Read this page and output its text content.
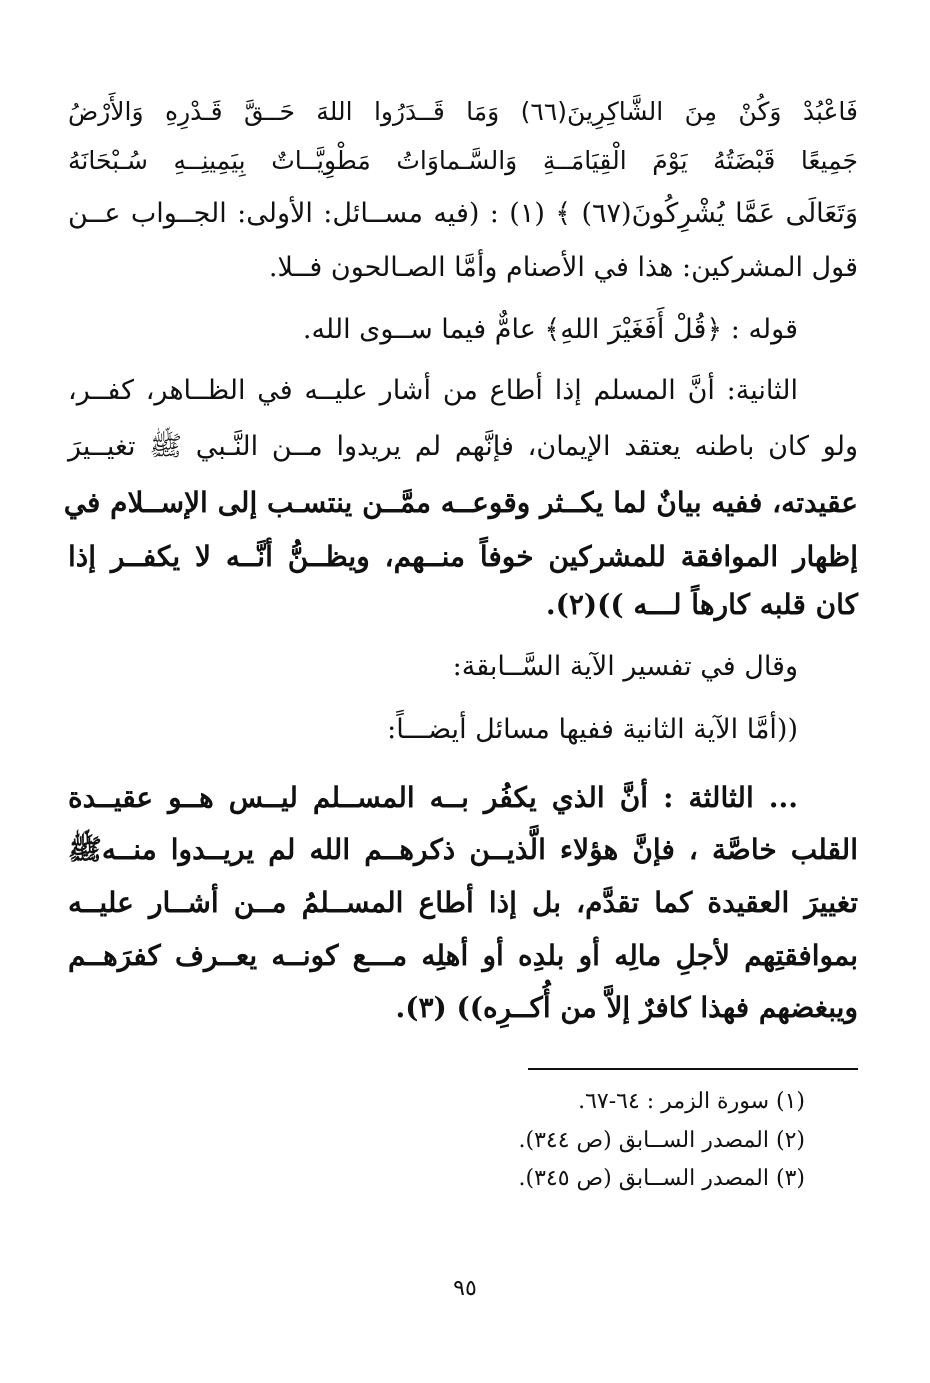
فَاعْبُدْ وَكُنْ مِنَ الشَّاكِرِينَ(٦٦) وَمَا قَــدَرُوا اللهَ حَــقَّ قَـدْرِهِ وَالأَرْضُ
جَمِيعًا قَبْضَتُهُ يَوْمَ الْقِيَامَــةِ وَالسَّـماوَاتُ مَطْوِيَّــاتٌ بِيَمِينِــهِ سُـبْحَانَهُ
وَتَعَالَى عَمَّا يُشْرِكُونَ(٦٧) ﴾ (١) : (فيه مســائل: الأولى: الجــواب عــن
قول المشركين: هذا في الأصنام وأمَّا الصـالحون فــلا.
قوله : ﴿قُلْ أَفَغَيْرَ اللهِ﴾ عامٌّ فيما ســوى الله.
الثانية: أنَّ المسلم إذا أطاع من أشار عليــه في الظــاهر، كفــر،
ولو كان باطنه يعتقد الإيمان، فإنَّهم لم يريدوا مــن النَّـبي ﷺ تغيــيرَ
عقيدته، ففيه بيانٌ لما يكــثر وقوعــه ممَّــن ينتسـب إلى الإســلام في
إظهار الموافقة للمشركين خوفاً منــهم، ويظــنُّ أنَّــه لا يكفــر إذا
كان قلبه كارهاً لـــه ))(٢).
وقال في تفسير الآية السَّــابقة:
((أمَّا الآية الثانية ففيها مسائل أيضـــاً:
... الثالثة : أنَّ الذي يكفُر بــه المســلم ليــس هــو عقيــدة
القلب خاصَّة ، فإنَّ هؤلاء الَّذيــن ذكرهــم الله لم يريــدوا منــهﷺ
تغييرَ العقيدة كما تقدَّم، بل إذا أطاع المســلمُ مــن أشــار عليــه
بموافقتِهم لأجلِ مالِه أو بلدِه أو أهلِه مـــع كونــه يعــرف كفرَهــم
ويبغضهم فهذا كافرٌ إلاَّ من أُكــرِه)) (٣).
(١) سورة الزمر : ٦٤-٦٧.
(٢) المصدر الســابق (ص ٣٤٤).
(٣) المصدر الســابق (ص ٣٤٥).
٩٥
